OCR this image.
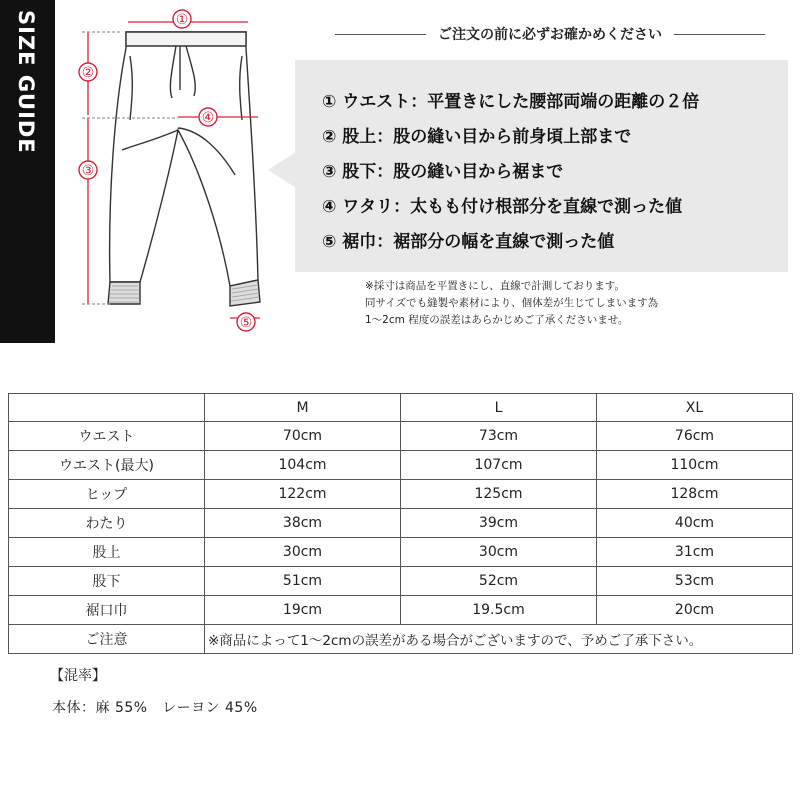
SIZE GUIDE	①
②
③
④
⑤
ご注文の前に必ずお確かめください
① ウエスト：平置きにした腰部両端の距離の２倍
② 股上：股の縫い目から前身頃上部まで
③ 股下：股の縫い目から裾まで
④ ワタリ：太もも付け根部分を直線で測った値
⑤ 裾巾：裾部分の幅を直線で測った値
※採寸は商品を平置きにし、直線で計測しております。
同サイズでも縫製や素材により、個体差が生じてしまいます為
1〜2cm 程度の誤差はあらかじめご了承くださいませ。
	M	L	XL
ウエスト	70cm	73cm	76cm
ウエスト(最大)	104cm	107cm	110cm
ヒップ	122cm	125cm	128cm
わたり	38cm	39cm	40cm
股上	30cm	30cm	31cm
股下	51cm	52cm	53cm
裾口巾	19cm	19.5cm	20cm
ご注意	※商品によって1〜2cmの誤差がある場合がございますので、予めご了承下さい。		
【混率】
本体：麻 55%　レーヨン 45%
